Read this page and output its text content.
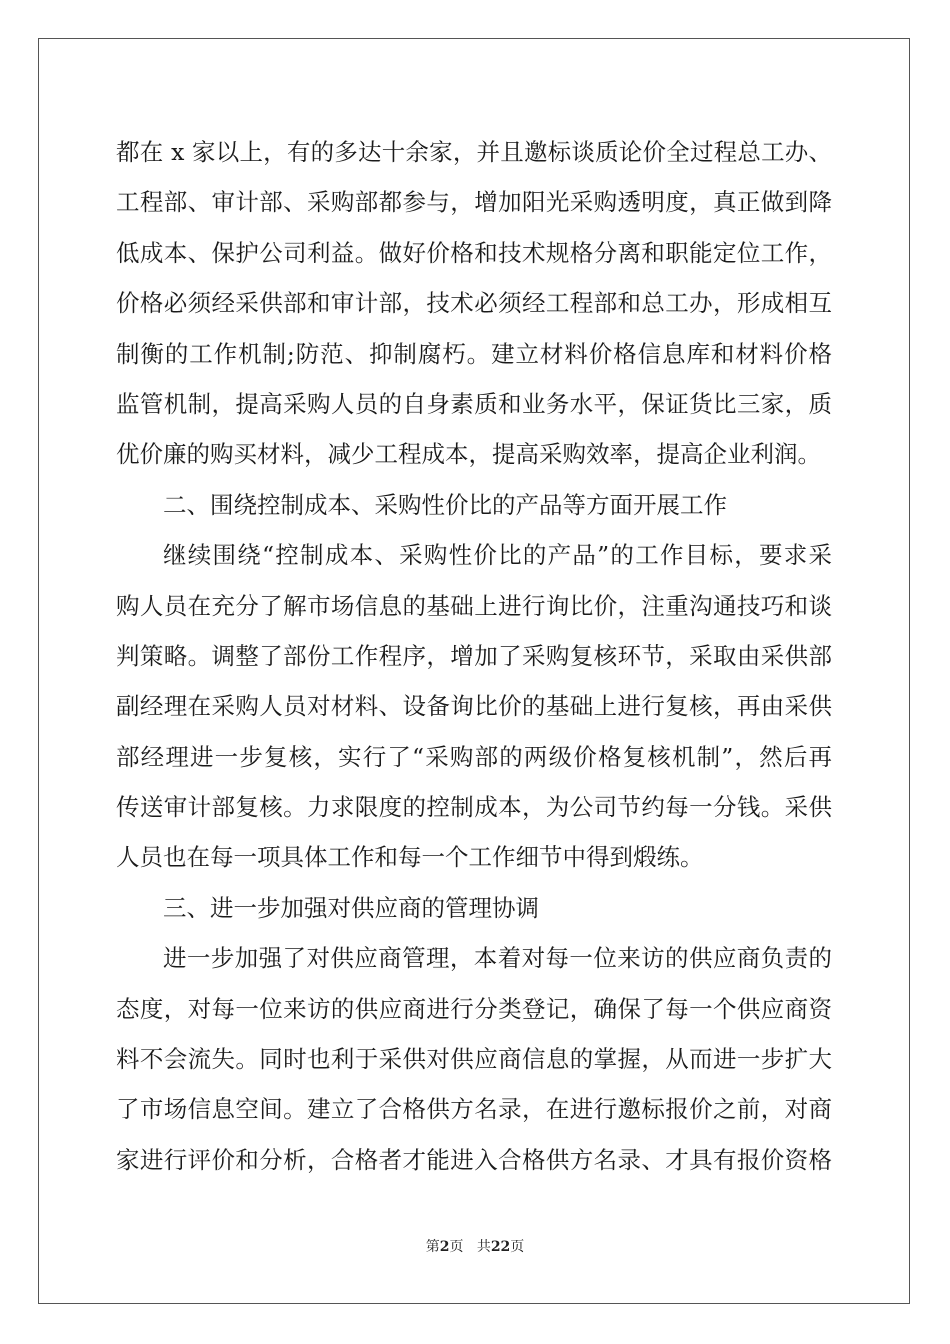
都在 x 家以上，有的多达十余家，并且邀标谈质论价全过程总工办、
工程部、审计部、采购部都参与，增加阳光采购透明度，真正做到降
低成本、保护公司利益。做好价格和技术规格分离和职能定位工作，
价格必须经采供部和审计部，技术必须经工程部和总工办，形成相互
制衡的工作机制;防范、抑制腐朽。建立材料价格信息库和材料价格
监管机制，提高采购人员的自身素质和业务水平，保证货比三家，质
优价廉的购买材料，减少工程成本，提高采购效率，提高企业利润。
二、围绕控制成本、采购性价比的产品等方面开展工作
继续围绕“控制成本、采购性价比的产品”的工作目标，要求采
购人员在充分了解市场信息的基础上进行询比价，注重沟通技巧和谈
判策略。调整了部份工作程序，增加了采购复核环节，采取由采供部
副经理在采购人员对材料、设备询比价的基础上进行复核，再由采供
部经理进一步复核，实行了“采购部的两级价格复核机制”，然后再
传送审计部复核。力求限度的控制成本，为公司节约每一分钱。采供
人员也在每一项具体工作和每一个工作细节中得到煅练。
三、进一步加强对供应商的管理协调
进一步加强了对供应商管理，本着对每一位来访的供应商负责的
态度，对每一位来访的供应商进行分类登记，确保了每一个供应商资
料不会流失。同时也利于采供对供应商信息的掌握，从而进一步扩大
了市场信息空间。建立了合格供方名录，在进行邀标报价之前，对商
家进行评价和分析，合格者才能进入合格供方名录、才具有报价资格
第2页 共22页
